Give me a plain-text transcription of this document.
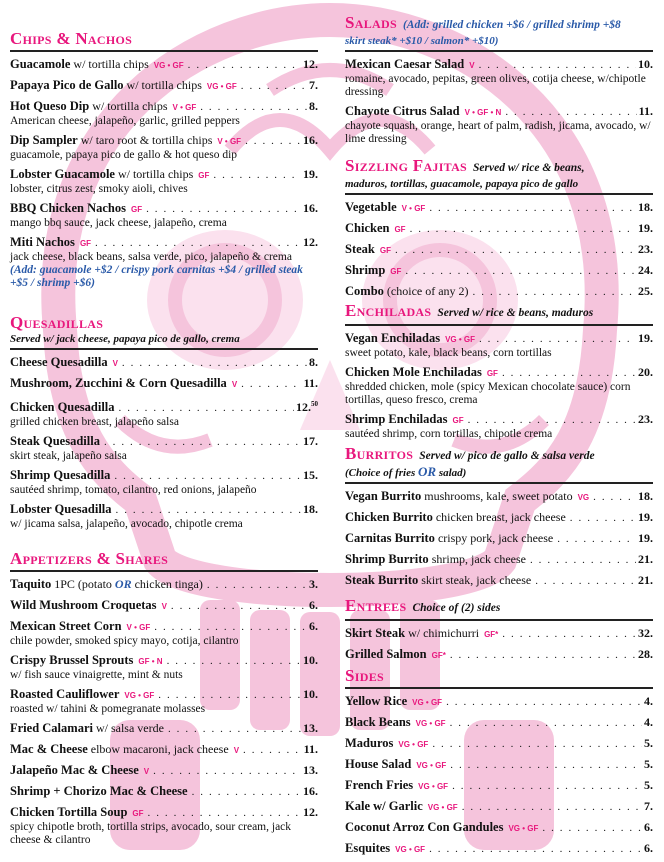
Chips & Nachos
Guacamole w/ tortilla chips VG • GF . . .	12.
Papaya Pico de Gallo w/ tortilla chips VG • GF . . .	7.
Hot Queso Dip w/ tortilla chips V • GF . . .	8.
American cheese, jalapeño, garlic, grilled peppers
Dip Sampler w/ taro root & tortilla chips V • GF . . .	16.
guacamole, papaya pico de gallo & hot queso dip
Lobster Guacamole w/ tortilla chips GF . . .	19.
lobster, citrus zest, smoky aioli, chives
BBQ Chicken Nachos GF . . .	16.
mango bbq sauce, jack cheese, jalapeño, crema
Miti Nachos GF . . .	12.
jack cheese, black beans, salsa verde, pico, jalapeño & crema
(Add: guacamole +$2 / crispy pork carnitas +$4 / grilled steak +$5 / shrimp +$6)
Quesadillas
Served w/ jack cheese, papaya pico de gallo, crema
Cheese Quesadilla V . . .	8.
Mushroom, Zucchini & Corn Quesadilla V . . .	11.
Chicken Quesadilla . . .	12.50
grilled chicken breast, jalapeño salsa
Steak Quesadilla . . .	17.
skirt steak, jalapeño salsa
Shrimp Quesadilla . . .	15.
sautéed shrimp, tomato, cilantro, red onions, jalapeño
Lobster Quesadilla . . .	18.
w/ jicama salsa, jalapeño, avocado, chipotle crema
Appetizers & Shares
Taquito 1PC (potato OR chicken tinga) . . .	3.
Wild Mushroom Croquetas V . . .	6.
Mexican Street Corn V • GF . . .	6.
chile powder, smoked spicy mayo, cotija, cilantro
Crispy Brussel Sprouts GF • N . . .	10.
w/ fish sauce vinaigrette, mint & nuts
Roasted Cauliflower VG • GF . . .	10.
roasted w/ tahini & pomegranate molasses
Fried Calamari w/ salsa verde . . .	13.
Mac & Cheese elbow macaroni, jack cheese V . . .	11.
Jalapeño Mac & Cheese V . . .	13.
Shrimp + Chorizo Mac & Cheese . . .	16.
Chicken Tortilla Soup GF . . .	12.
spicy chipotle broth, tortilla strips, avocado, sour cream, jack cheese & cilantro
Salads (Add: grilled chicken +$6 / grilled shrimp +$8
skirt steak* +$10 / salmon* +$10)
Mexican Caesar Salad V . . .	10.
romaine, avocado, pepitas, green olives, cotija cheese, w/chipotle dressing
Chayote Citrus Salad V • GF • N . . .	11.
chayote squash, orange, heart of palm, radish, jicama, avocado, w/ lime dressing
Sizzling Fajitas Served w/ rice & beans,
maduros, tortillas, guacamole, papaya pico de gallo
Vegetable V • GF . . .	18.
Chicken GF . . .	19.
Steak GF . . .	23.
Shrimp GF . . .	24.
Combo (choice of any 2) . . .	25.
Enchiladas Served w/ rice & beans, maduros
Vegan Enchiladas VG • GF . . .	19.
sweet potato, kale, black beans, corn tortillas
Chicken Mole Enchiladas GF . . .	20.
shredded chicken, mole (spicy Mexican chocolate sauce) corn tortillas, queso fresco, crema
Shrimp Enchiladas GF . . .	23.
sautéed shrimp, corn tortillas, chipotle crema
Burritos Served w/ pico de gallo & salsa verde
(Choice of fries OR salad)
Vegan Burrito mushrooms, kale, sweet potato VG . . .	18.
Chicken Burrito chicken breast, jack cheese . . .	19.
Carnitas Burrito crispy pork, jack cheese . . .	19.
Shrimp Burrito shrimp, jack cheese . . .	21.
Steak Burrito skirt steak, jack cheese . . .	21.
Entrees Choice of (2) sides
Skirt Steak w/ chimichurri GF* . . .	32.
Grilled Salmon GF* . . .	28.
Sides
Yellow Rice VG • GF . . .	4.
Black Beans VG • GF . . .	4.
Maduros VG • GF . . .	5.
House Salad VG • GF . . .	5.
French Fries VG • GF . . .	5.
Kale w/ Garlic VG • GF . . .	7.
Coconut Arroz Con Gandules VG • GF . . .	6.
Esquites VG • GF . . .	6.
